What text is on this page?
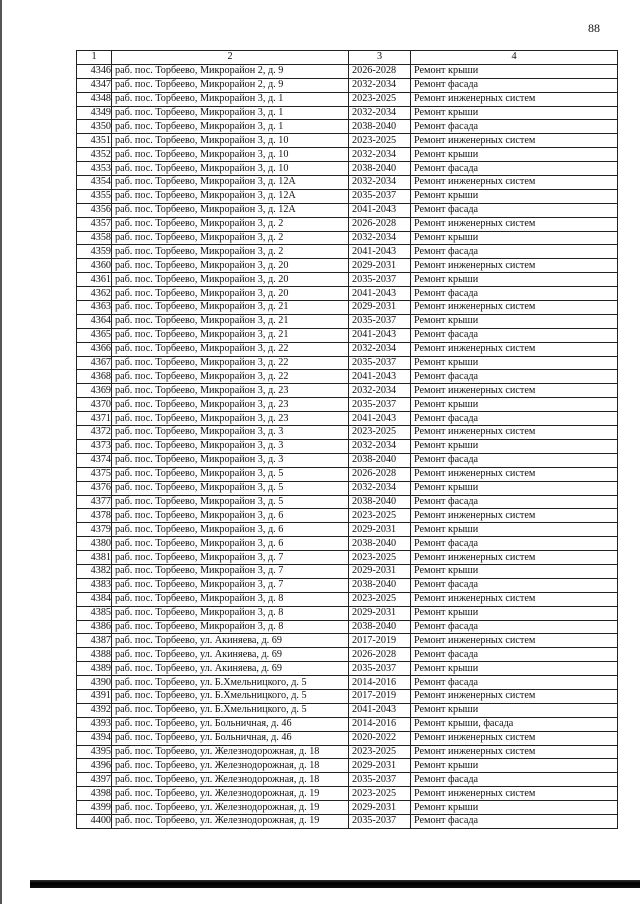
88
1	2	3	4
4346	раб. пос. Торбеево, Микрорайон 2, д. 9	2026-2028	Ремонт крыши
4347	раб. пос. Торбеево, Микрорайон 2, д. 9	2032-2034	Ремонт фасада
4348	раб. пос. Торбеево, Микрорайон 3, д. 1	2023-2025	Ремонт инженерных систем
4349	раб. пос. Торбеево, Микрорайон 3, д. 1	2032-2034	Ремонт крыши
4350	раб. пос. Торбеево, Микрорайон 3, д. 1	2038-2040	Ремонт фасада
4351	раб. пос. Торбеево, Микрорайон 3, д. 10	2023-2025	Ремонт инженерных систем
4352	раб. пос. Торбеево, Микрорайон 3, д. 10	2032-2034	Ремонт крыши
4353	раб. пос. Торбеево, Микрорайон 3, д. 10	2038-2040	Ремонт фасада
4354	раб. пос. Торбеево, Микрорайон 3, д. 12А	2032-2034	Ремонт инженерных систем
4355	раб. пос. Торбеево, Микрорайон 3, д. 12А	2035-2037	Ремонт крыши
4356	раб. пос. Торбеево, Микрорайон 3, д. 12А	2041-2043	Ремонт фасада
4357	раб. пос. Торбеево, Микрорайон 3, д. 2	2026-2028	Ремонт инженерных систем
4358	раб. пос. Торбеево, Микрорайон 3, д. 2	2032-2034	Ремонт крыши
4359	раб. пос. Торбеево, Микрорайон 3, д. 2	2041-2043	Ремонт фасада
4360	раб. пос. Торбеево, Микрорайон 3, д. 20	2029-2031	Ремонт инженерных систем
4361	раб. пос. Торбеево, Микрорайон 3, д. 20	2035-2037	Ремонт крыши
4362	раб. пос. Торбеево, Микрорайон 3, д. 20	2041-2043	Ремонт фасада
4363	раб. пос. Торбеево, Микрорайон 3, д. 21	2029-2031	Ремонт инженерных систем
4364	раб. пос. Торбеево, Микрорайон 3, д. 21	2035-2037	Ремонт крыши
4365	раб. пос. Торбеево, Микрорайон 3, д. 21	2041-2043	Ремонт фасада
4366	раб. пос. Торбеево, Микрорайон 3, д. 22	2032-2034	Ремонт инженерных систем
4367	раб. пос. Торбеево, Микрорайон 3, д. 22	2035-2037	Ремонт крыши
4368	раб. пос. Торбеево, Микрорайон 3, д. 22	2041-2043	Ремонт фасада
4369	раб. пос. Торбеево, Микрорайон 3, д. 23	2032-2034	Ремонт инженерных систем
4370	раб. пос. Торбеево, Микрорайон 3, д. 23	2035-2037	Ремонт крыши
4371	раб. пос. Торбеево, Микрорайон 3, д. 23	2041-2043	Ремонт фасада
4372	раб. пос. Торбеево, Микрорайон 3, д. 3	2023-2025	Ремонт инженерных систем
4373	раб. пос. Торбеево, Микрорайон 3, д. 3	2032-2034	Ремонт крыши
4374	раб. пос. Торбеево, Микрорайон 3, д. 3	2038-2040	Ремонт фасада
4375	раб. пос. Торбеево, Микрорайон 3, д. 5	2026-2028	Ремонт инженерных систем
4376	раб. пос. Торбеево, Микрорайон 3, д. 5	2032-2034	Ремонт крыши
4377	раб. пос. Торбеево, Микрорайон 3, д. 5	2038-2040	Ремонт фасада
4378	раб. пос. Торбеево, Микрорайон 3, д. 6	2023-2025	Ремонт инженерных систем
4379	раб. пос. Торбеево, Микрорайон 3, д. 6	2029-2031	Ремонт крыши
4380	раб. пос. Торбеево, Микрорайон 3, д. 6	2038-2040	Ремонт фасада
4381	раб. пос. Торбеево, Микрорайон 3, д. 7	2023-2025	Ремонт инженерных систем
4382	раб. пос. Торбеево, Микрорайон 3, д. 7	2029-2031	Ремонт крыши
4383	раб. пос. Торбеево, Микрорайон 3, д. 7	2038-2040	Ремонт фасада
4384	раб. пос. Торбеево, Микрорайон 3, д. 8	2023-2025	Ремонт инженерных систем
4385	раб. пос. Торбеево, Микрорайон 3, д. 8	2029-2031	Ремонт крыши
4386	раб. пос. Торбеево, Микрорайон 3, д. 8	2038-2040	Ремонт фасада
4387	раб. пос. Торбеево, ул. Акиняева, д. 69	2017-2019	Ремонт инженерных систем
4388	раб. пос. Торбеево, ул. Акиняева, д. 69	2026-2028	Ремонт фасада
4389	раб. пос. Торбеево, ул. Акиняева, д. 69	2035-2037	Ремонт крыши
4390	раб. пос. Торбеево, ул. Б.Хмельницкого, д. 5	2014-2016	Ремонт фасада
4391	раб. пос. Торбеево, ул. Б.Хмельницкого, д. 5	2017-2019	Ремонт инженерных систем
4392	раб. пос. Торбеево, ул. Б.Хмельницкого, д. 5	2041-2043	Ремонт крыши
4393	раб. пос. Торбеево, ул. Больничная, д. 46	2014-2016	Ремонт крыши, фасада
4394	раб. пос. Торбеево, ул. Больничная, д. 46	2020-2022	Ремонт инженерных систем
4395	раб. пос. Торбеево, ул. Железнодорожная, д. 18	2023-2025	Ремонт инженерных систем
4396	раб. пос. Торбеево, ул. Железнодорожная, д. 18	2029-2031	Ремонт крыши
4397	раб. пос. Торбеево, ул. Железнодорожная, д. 18	2035-2037	Ремонт фасада
4398	раб. пос. Торбеево, ул. Железнодорожная, д. 19	2023-2025	Ремонт инженерных систем
4399	раб. пос. Торбеево, ул. Железнодорожная, д. 19	2029-2031	Ремонт крыши
4400	раб. пос. Торбеево, ул. Железнодорожная, д. 19	2035-2037	Ремонт фасада
